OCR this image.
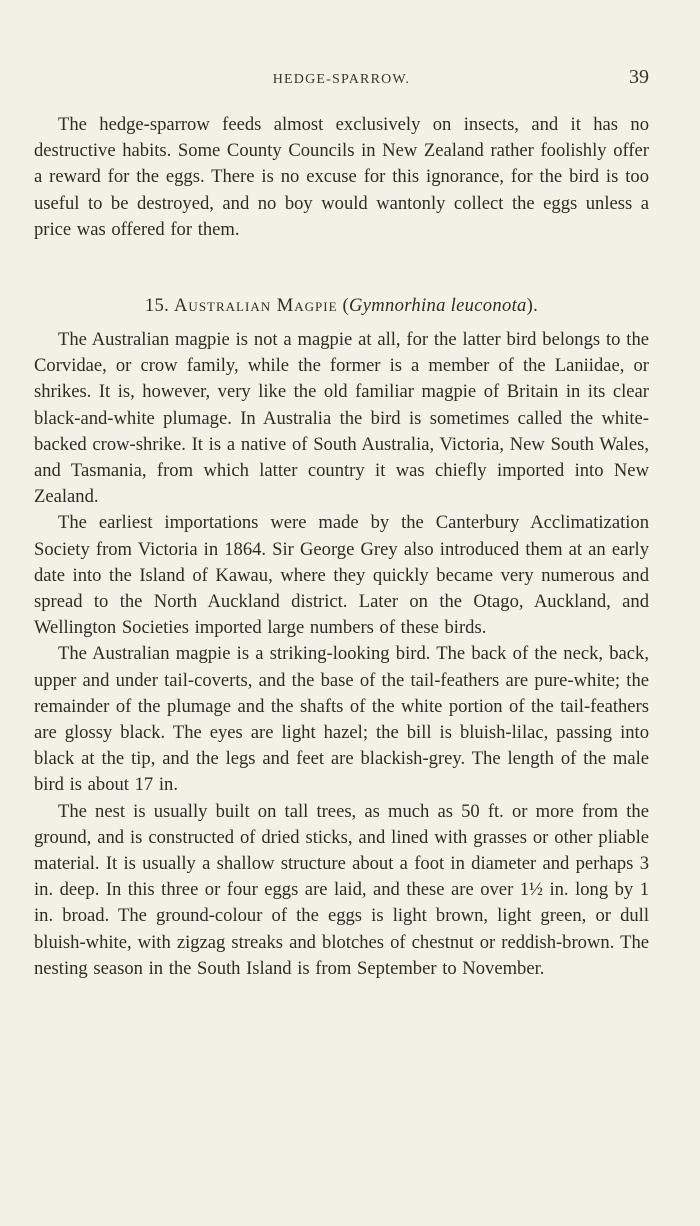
HEDGE-SPARROW.	39

The hedge-sparrow feeds almost exclusively on insects, and it has no destructive habits. Some County Councils in New Zealand rather foolishly offer a reward for the eggs. There is no excuse for this ignorance, for the bird is too useful to be destroyed, and no boy would wantonly collect the eggs unless a price was offered for them.

15. Australian Magpie (Gymnorhina leuconota).

The Australian magpie is not a magpie at all, for the latter bird belongs to the Corvidae, or crow family, while the former is a member of the Laniidae, or shrikes. It is, however, very like the old familiar magpie of Britain in its clear black-and-white plumage. In Australia the bird is sometimes called the white-backed crow-shrike. It is a native of South Australia, Victoria, New South Wales, and Tasmania, from which latter country it was chiefly imported into New Zealand.

The earliest importations were made by the Canterbury Acclimatization Society from Victoria in 1864. Sir George Grey also introduced them at an early date into the Island of Kawau, where they quickly became very numerous and spread to the North Auckland district. Later on the Otago, Auckland, and Wellington Societies imported large numbers of these birds.

The Australian magpie is a striking-looking bird. The back of the neck, back, upper and under tail-coverts, and the base of the tail-feathers are pure-white; the remainder of the plumage and the shafts of the white portion of the tail-feathers are glossy black. The eyes are light hazel; the bill is bluish-lilac, passing into black at the tip, and the legs and feet are blackish-grey. The length of the male bird is about 17 in.

The nest is usually built on tall trees, as much as 50 ft. or more from the ground, and is constructed of dried sticks, and lined with grasses or other pliable material. It is usually a shallow structure about a foot in diameter and perhaps 3 in. deep. In this three or four eggs are laid, and these are over 1½ in. long by 1 in. broad. The ground-colour of the eggs is light brown, light green, or dull bluish-white, with zigzag streaks and blotches of chestnut or reddish-brown. The nesting season in the South Island is from September to November.
